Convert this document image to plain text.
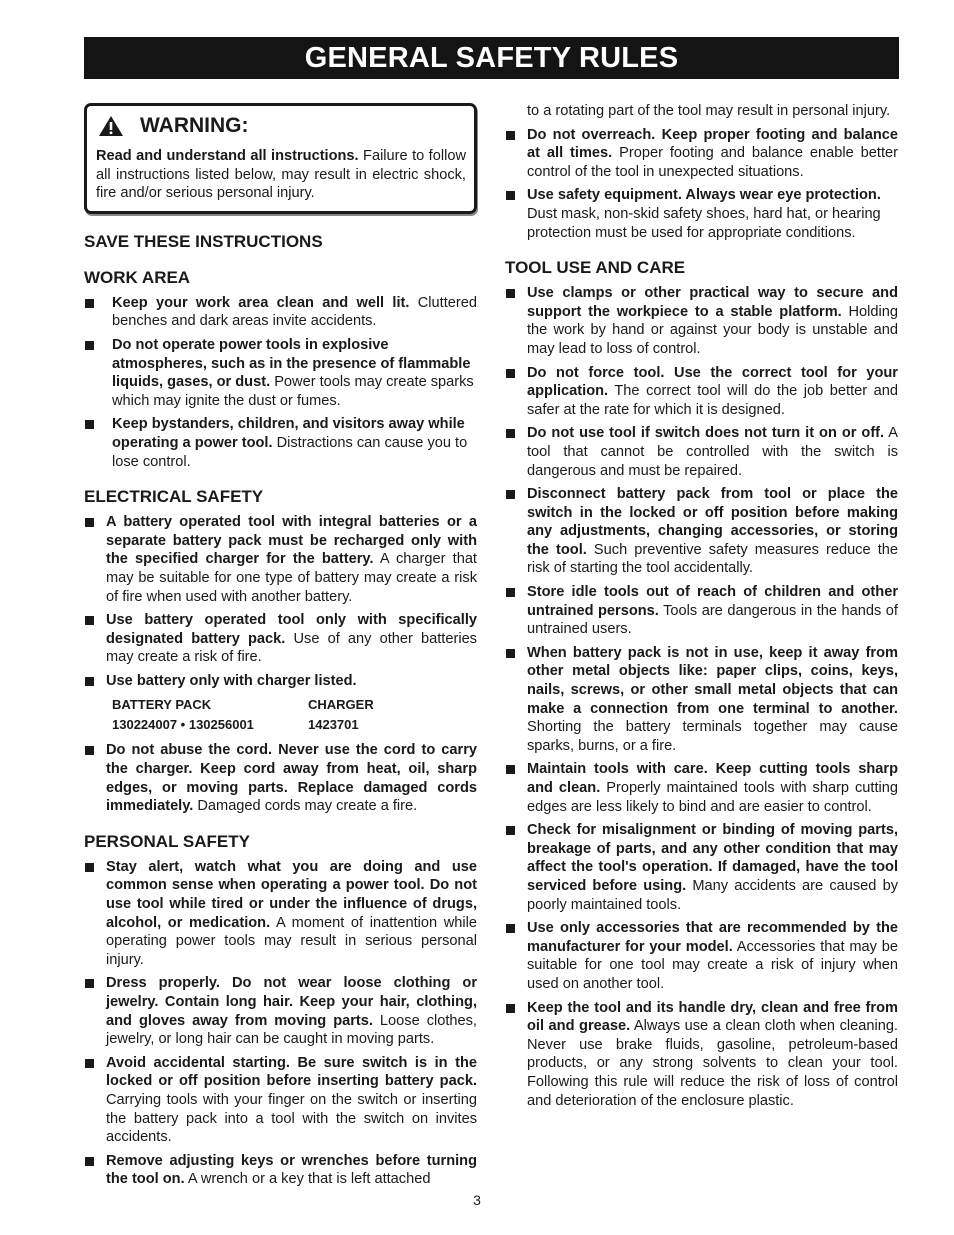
GENERAL SAFETY RULES
WARNING:
Read and understand all instructions. Failure to follow all instructions listed below, may result in electric shock, fire and/or serious personal injury.
SAVE THESE INSTRUCTIONS
WORK AREA
Keep your work area clean and well lit. Cluttered benches and dark areas invite accidents.
Do not operate power tools in explosive atmospheres, such as in the presence of flammable liquids, gases, or dust. Power tools may create sparks which may ignite the dust or fumes.
Keep bystanders, children, and visitors away while operating a power tool. Distractions can cause you to lose control.
ELECTRICAL SAFETY
A battery operated tool with integral batteries or a separate battery pack must be recharged only with the specified charger for the battery. A charger that may be suitable for one type of battery may create a risk of fire when used with another battery.
Use battery operated tool only with specifically designated battery pack. Use of any other batteries may create a risk of fire.
Use battery only with charger listed.
BATTERY PACK	CHARGER
130224007 • 130256001	1423701
Do not abuse the cord. Never use the cord to carry the charger. Keep cord away from heat, oil, sharp edges, or moving parts. Replace damaged cords immediately. Damaged cords may create a fire.
PERSONAL SAFETY
Stay alert, watch what you are doing and use common sense when operating a power tool. Do not use tool while tired or under the influence of drugs, alcohol, or medication. A moment of inattention while operating power tools may result in serious personal injury.
Dress properly. Do not wear loose clothing or jewelry. Contain long hair. Keep your hair, clothing, and gloves away from moving parts. Loose clothes, jewelry, or long hair can be caught in moving parts.
Avoid accidental starting. Be sure switch is in the locked or off position before inserting battery pack. Carrying tools with your finger on the switch or inserting the battery pack into a tool with the switch on invites accidents.
Remove adjusting keys or wrenches before turning the tool on. A wrench or a key that is left attached
to a rotating part of the tool may result in personal injury.
Do not overreach. Keep proper footing and balance at all times. Proper footing and balance enable better control of the tool in unexpected situations.
Use safety equipment. Always wear eye protection. Dust mask, non-skid safety shoes, hard hat, or hearing protection must be used for appropriate conditions.
TOOL USE AND CARE
Use clamps or other practical way to secure and support the workpiece to a stable platform. Holding the work by hand or against your body is unstable and may lead to loss of control.
Do not force tool. Use the correct tool for your application. The correct tool will do the job better and safer at the rate for which it is designed.
Do not use tool if switch does not turn it on or off. A tool that cannot be controlled with the switch is dangerous and must be repaired.
Disconnect battery pack from tool or place the switch in the locked or off position before making any adjustments, changing accessories, or storing the tool. Such preventive safety measures reduce the risk of starting the tool accidentally.
Store idle tools out of reach of children and other untrained persons. Tools are dangerous in the hands of untrained users.
When battery pack is not in use, keep it away from other metal objects like: paper clips, coins, keys, nails, screws, or other small metal objects that can make a connection from one terminal to another. Shorting the battery terminals together may cause sparks, burns, or a fire.
Maintain tools with care. Keep cutting tools sharp and clean. Properly maintained tools with sharp cutting edges are less likely to bind and are easier to control.
Check for misalignment or binding of moving parts, breakage of parts, and any other condition that may affect the tool's operation. If damaged, have the tool serviced before using. Many accidents are caused by poorly maintained tools.
Use only accessories that are recommended by the manufacturer for your model. Accessories that may be suitable for one tool may create a risk of injury when used on another tool.
Keep the tool and its handle dry, clean and free from oil and grease. Always use a clean cloth when cleaning. Never use brake fluids, gasoline, petroleum-based products, or any strong solvents to clean your tool. Following this rule will reduce the risk of loss of control and deterioration of the enclosure plastic.
3
